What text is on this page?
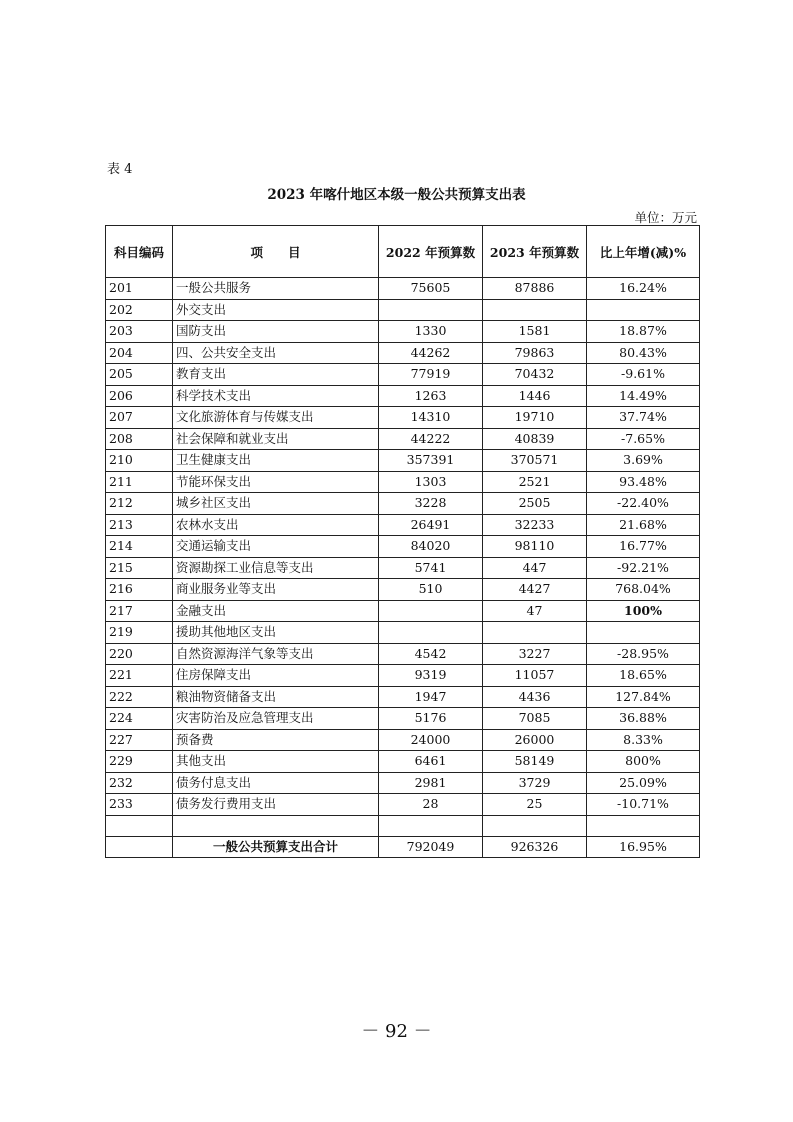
表 4
2023 年喀什地区本级一般公共预算支出表
单位：万元
科目编码	项　　目	2022 年预算数	2023 年预算数	比上年增(减)%
201	一般公共服务	75605	87886	16.24%
202	外交支出			
203	国防支出	1330	1581	18.87%
204	四、公共安全支出	44262	79863	80.43%
205	教育支出	77919	70432	-9.61%
206	科学技术支出	1263	1446	14.49%
207	文化旅游体育与传媒支出	14310	19710	37.74%
208	社会保障和就业支出	44222	40839	-7.65%
210	卫生健康支出	357391	370571	3.69%
211	节能环保支出	1303	2521	93.48%
212	城乡社区支出	3228	2505	-22.40%
213	农林水支出	26491	32233	21.68%
214	交通运输支出	84020	98110	16.77%
215	资源勘探工业信息等支出	5741	447	-92.21%
216	商业服务业等支出	510	4427	768.04%
217	金融支出		47	100%
219	援助其他地区支出			
220	自然资源海洋气象等支出	4542	3227	-28.95%
221	住房保障支出	9319	11057	18.65%
222	粮油物资储备支出	1947	4436	127.84%
224	灾害防治及应急管理支出	5176	7085	36.88%
227	预备费	24000	26000	8.33%
229	其他支出	6461	58149	800%
232	债务付息支出	2981	3729	25.09%
233	债务发行费用支出	28	25	-10.71%

	一般公共预算支出合计	792049	926326	16.95%
－ 92 －
